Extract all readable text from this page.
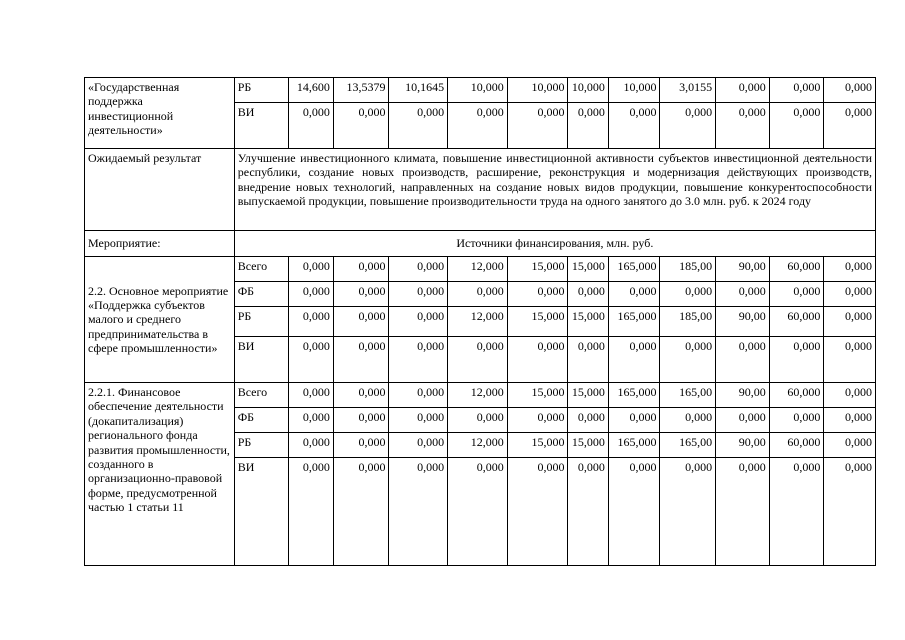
«Государственная поддержка инвестиционной деятельности»	РБ	14,600	13,5379	10,1645	10,000	10,000	10,000	10,000	3,0155	0,000	0,000	0,000
	ВИ	0,000	0,000	0,000	0,000	0,000	0,000	0,000	0,000	0,000	0,000	0,000
Ожидаемый результат	Улучшение инвестиционного климата, повышение инвестиционной активности субъектов инвестиционной деятельности республики, создание новых производств, расширение, реконструкция и модернизация действующих производств, внедрение новых технологий, направленных на создание новых видов продукции, повышение конкурентоспособности выпускаемой продукции, повышение производительности труда на одного занятого до 3.0 млн. руб. к 2024 году											
Мероприятие:	Источники финансирования, млн. руб.											
2.2. Основное мероприятие «Поддержка субъектов малого и среднего предпринимательства в сфере промышленности»	Всего	0,000	0,000	0,000	12,000	15,000	15,000	165,000	185,00	90,00	60,000	0,000
	ФБ	0,000	0,000	0,000	0,000	0,000	0,000	0,000	0,000	0,000	0,000	0,000
	РБ	0,000	0,000	0,000	12,000	15,000	15,000	165,000	185,00	90,00	60,000	0,000
	ВИ	0,000	0,000	0,000	0,000	0,000	0,000	0,000	0,000	0,000	0,000	0,000
2.2.1. Финансовое обеспечение деятельности (докапитализация) регионального фонда развития промышленности, созданного в организационно-правовой форме, предусмотренной частью 1 статьи 11	Всего	0,000	0,000	0,000	12,000	15,000	15,000	165,000	165,00	90,00	60,000	0,000
	ФБ	0,000	0,000	0,000	0,000	0,000	0,000	0,000	0,000	0,000	0,000	0,000
	РБ	0,000	0,000	0,000	12,000	15,000	15,000	165,000	165,00	90,00	60,000	0,000
	ВИ	0,000	0,000	0,000	0,000	0,000	0,000	0,000	0,000	0,000	0,000	0,000
